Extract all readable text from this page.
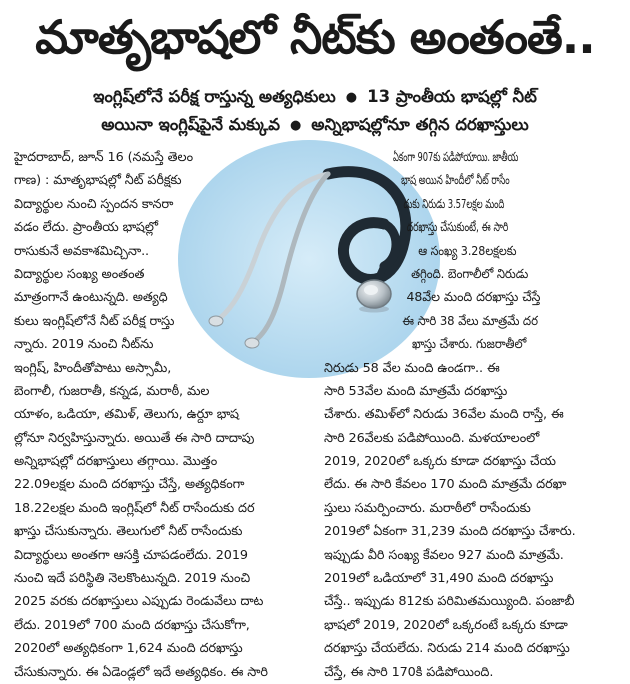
మాతృభాషలో నీట్‌కు అంతంతే..
ఇంగ్లిష్‌లోనే పరీక్ష రాస్తున్న అత్యధికులు ● 13 ప్రాంతీయ భాషల్లో నీట్
అయినా ఇంగ్లిష్‌పైనే మక్కువ ● అన్నిభాషల్లోనూ తగ్గిన దరఖాస్తులు
హైదరాబాద్, జూన్ 16 (నమస్తే తెలం
గాణ) : మాతృభాషల్లో నీట్ పరీక్షకు
విద్యార్థుల నుంచి స్పందన కానరా
వడం లేదు. ప్రాంతీయ భాషల్లో
రాసుకునే అవకాశమిచ్చినా..
విద్యార్థుల సంఖ్య అంతంత
మాత్రంగానే ఉంటున్నది. అత్యధి
కులు ఇంగ్లిష్‌లోనే నీట్ పరీక్ష రాస్తు
న్నారు. 2019 నుంచి నీట్‌ను
ఇంగ్లిష్, హిందీతోపాటు అస్సామీ,
బెంగాలీ, గుజరాతీ, కన్నడ, మరాఠీ, మల
యాళం, ఒడియా, తమిళ్, తెలుగు, ఉర్దూ భాష
ల్లోనూ నిర్వహిస్తున్నారు. అయితే ఈ సారి దాదాపు
అన్నిభాషల్లో దరఖాస్తులు తగ్గాయి. మొత్తం
22.09లక్షల మంది దరఖాస్తు చేస్తే, అత్యధికంగా
18.22లక్షల మంది ఇంగ్లిష్‌లో నీట్ రాసేందుకు దర
ఖాస్తు చేసుకున్నారు. తెలుగులో నీట్ రాసేందుకు
విద్యార్థులు అంతగా ఆసక్తి చూపడంలేదు. 2019
నుంచి ఇదే పరిస్థితి నెలకొంటున్నది. 2019 నుంచి
2025 వరకు దరఖాస్తులు ఎప్పుడు రెండువేలు దాట
లేదు. 2019లో 700 మంది దరఖాస్తు చేసుకోగా,
2020లో అత్యధికంగా 1,624 మంది దరఖాస్తు
చేసుకున్నారు. ఈ ఏడెండ్లలో ఇదే అత్యధికం. ఈ సారి
ఏకంగా 907కు పడిపోయాయి. జాతీయ
భాష అయిన హిందీలో నీట్ రాసేం
దుకు నిరుడు 3.57లక్షల మంది
దరఖాస్తు చేసుకుంటే, ఈ సారి
ఆ సంఖ్య 3.28లక్షలకు
తగ్గింది. బెంగాలీలో నిరుడు
48వేల మంది దరఖాస్తు చేస్తే
ఈ సారి 38 వేలు మాత్రమే దర
ఖాస్తు చేశారు. గుజరాతీలో
నిరుడు 58 వేల మంది ఉండగా.. ఈ
సారి 53వేల మంది మాత్రమే దరఖాస్తు
చేశారు. తమిళ్‌లో నిరుడు 36వేల మంది రాస్తే, ఈ
సారి 26వేలకు పడిపోయింది. మళయాలంలో
2019, 2020లో ఒక్కరు కూడా దరఖాస్తు చేయ
లేదు. ఈ సారి కేవలం 170 మంది మాత్రమే దరఖా
స్తులు సమర్పించారు. మరాఠీలో రాసేందుకు
2019లో ఏకంగా 31,239 మంది దరఖాస్తు చేశారు.
ఇప్పుడు వీరి సంఖ్య కేవలం 927 మంది మాత్రమే.
2019లో ఒడియాలో 31,490 మంది దరఖాస్తు
చేస్తే.. ఇప్పుడు 812కు పరిమితమయ్యింది. పంజాబీ
భాషలో 2019, 2020లో ఒక్కరంటే ఒక్కరు కూడా
దరఖాస్తు చేయలేదు. నిరుడు 214 మంది దరఖాస్తు
చేస్తే, ఈ సారి 170కి పడిపోయింది.
